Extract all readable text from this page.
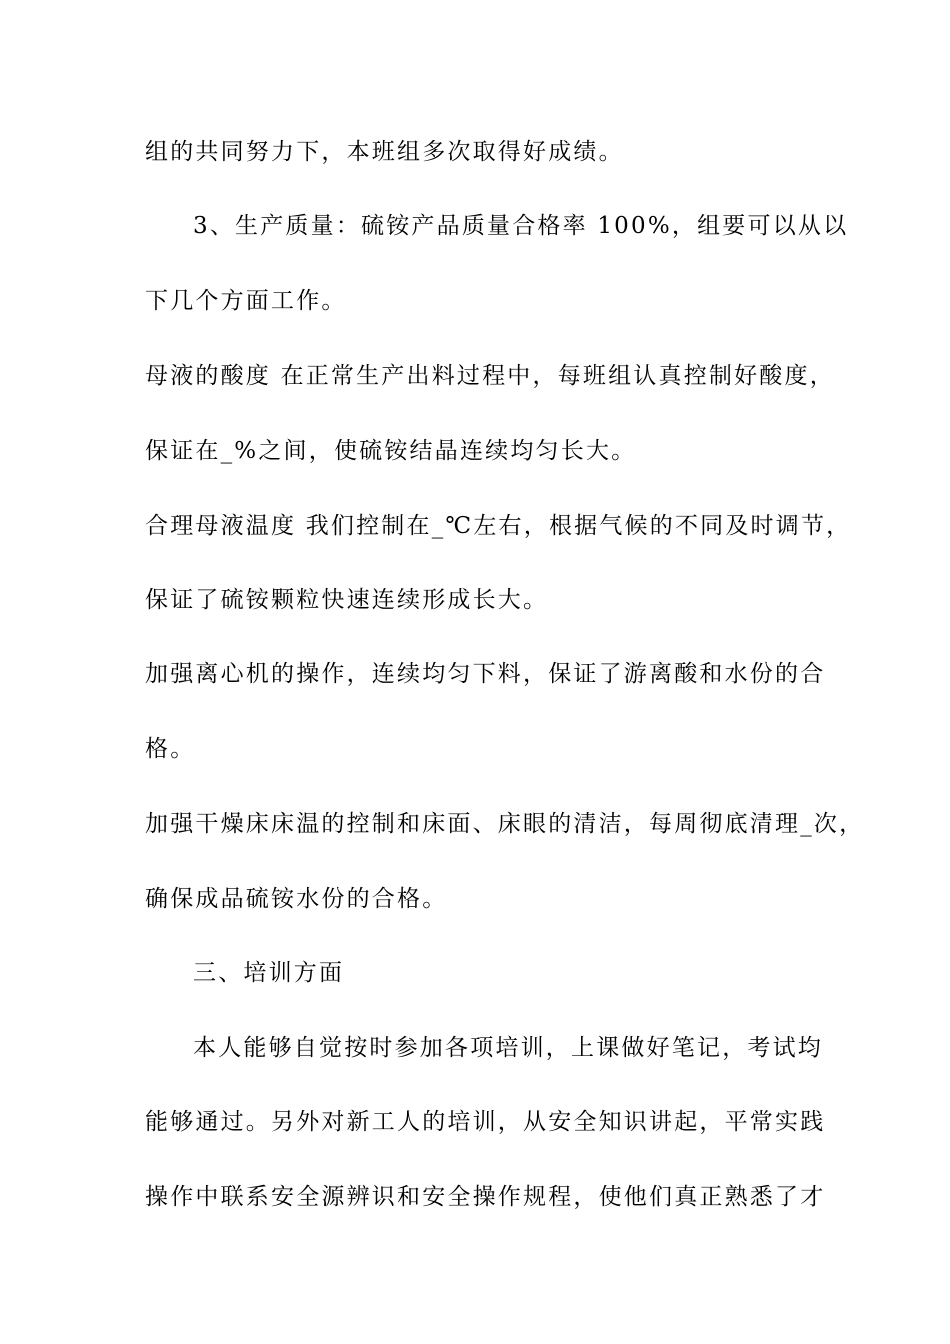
组的共同努力下，本班组多次取得好成绩。
3、生产质量：硫铵产品质量合格率 100%，组要可以从以
下几个方面工作。
母液的酸度 在正常生产出料过程中，每班组认真控制好酸度，
保证在_%之间，使硫铵结晶连续均匀长大。
合理母液温度 我们控制在_℃左右，根据气候的不同及时调节，
保证了硫铵颗粒快速连续形成长大。
加强离心机的操作，连续均匀下料，保证了游离酸和水份的合
格。
加强干燥床床温的控制和床面、床眼的清洁，每周彻底清理_次，
确保成品硫铵水份的合格。
三、培训方面
本人能够自觉按时参加各项培训，上课做好笔记，考试均
能够通过。另外对新工人的培训，从安全知识讲起，平常实践
操作中联系安全源辨识和安全操作规程，使他们真正熟悉了才
